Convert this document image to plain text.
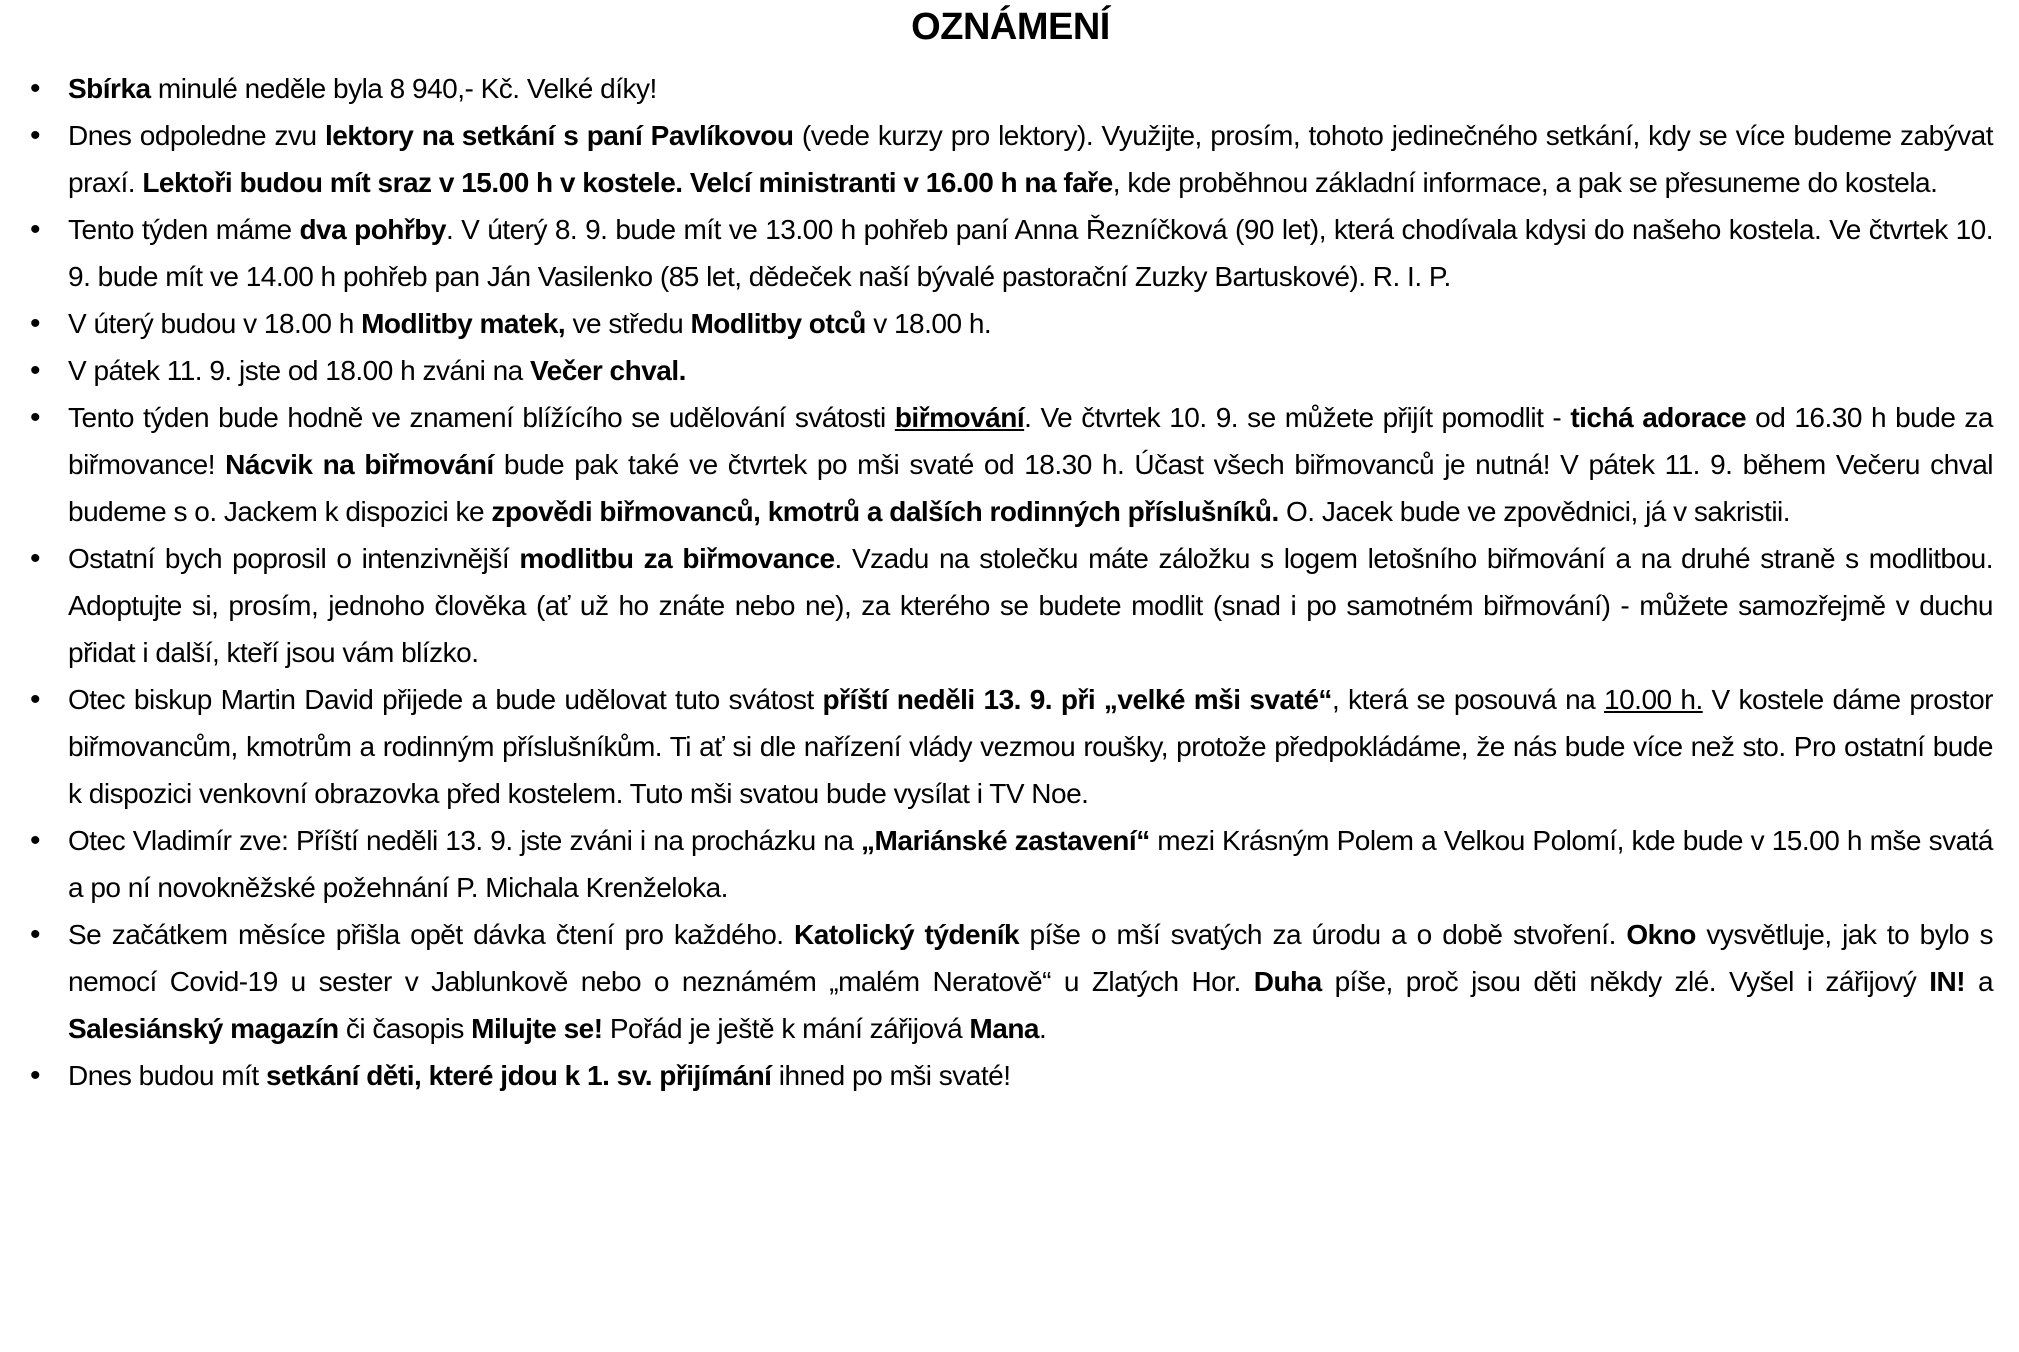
OZNÁMENÍ
• Sbírka minulé neděle byla 8 940,- Kč. Velké díky!
• Dnes odpoledne zvu lektory na setkání s paní Pavlíkovou (vede kurzy pro lektory). Využijte, prosím, tohoto jedinečného setkání, kdy se více budeme zabývat praxí. Lektoři budou mít sraz v 15.00 h v kostele. Velcí ministranti v 16.00 h na faře, kde proběhnou základní informace, a pak se přesuneme do kostela.
• Tento týden máme dva pohřby. V úterý 8. 9. bude mít ve 13.00 h pohřeb paní Anna Řezníčková (90 let), která chodívala kdysi do našeho kostela. Ve čtvrtek 10. 9. bude mít ve 14.00 h pohřeb pan Ján Vasilenko (85 let, dědeček naší bývalé pastorační Zuzky Bartuskové). R. I. P.
• V úterý budou v 18.00 h Modlitby matek, ve středu Modlitby otců v 18.00 h.
• V pátek 11. 9. jste od 18.00 h zváni na Večer chval.
• Tento týden bude hodně ve znamení blížícího se udělování svátosti biřmování. Ve čtvrtek 10. 9. se můžete přijít pomodlit - tichá adorace od 16.30 h bude za biřmovance! Nácvik na biřmování bude pak také ve čtvrtek po mši svaté od 18.30 h. Účast všech biřmovanců je nutná! V pátek 11. 9. během Večeru chval budeme s o. Jackem k dispozici ke zpovědi biřmovanců, kmotrů a dalších rodinných příslušníků. O. Jacek bude ve zpovědnici, já v sakristii.
• Ostatní bych poprosil o intenzivnější modlitbu za biřmovance. Vzadu na stolečku máte záložku s logem letošního biřmování a na druhé straně s modlitbou. Adoptujte si, prosím, jednoho člověka (ať už ho znáte nebo ne), za kterého se budete modlit (snad i po samotném biřmování) - můžete samozřejmě v duchu přidat i další, kteří jsou vám blízko.
• Otec biskup Martin David přijede a bude udělovat tuto svátost příští neděli 13. 9. při „velké mši svaté“, která se posouvá na 10.00 h. V kostele dáme prostor biřmovancům, kmotrům a rodinným příslušníkům. Ti ať si dle nařízení vlády vezmou roušky, protože předpokládáme, že nás bude více než sto. Pro ostatní bude k dispozici venkovní obrazovka před kostelem. Tuto mši svatou bude vysílat i TV Noe.
• Otec Vladimír zve: Příští neděli 13. 9. jste zváni i na procházku na „Mariánské zastavení“ mezi Krásným Polem a Velkou Polomí, kde bude v 15.00 h mše svatá a po ní novokněžské požehnání P. Michala Krenželoka.
• Se začátkem měsíce přišla opět dávka čtení pro každého. Katolický týdeník píše o mší svatých za úrodu a o době stvoření. Okno vysvětluje, jak to bylo s nemocí Covid-19 u sester v Jablunkově nebo o neznámém „malém Neratově“ u Zlatých Hor. Duha píše, proč jsou děti někdy zlé. Vyšel i zářijový IN! a Salesiánský magazín či časopis Milujte se! Pořád je ještě k mání zářijová Mana.
• Dnes budou mít setkání děti, které jdou k 1. sv. přijímání ihned po mši svaté!
